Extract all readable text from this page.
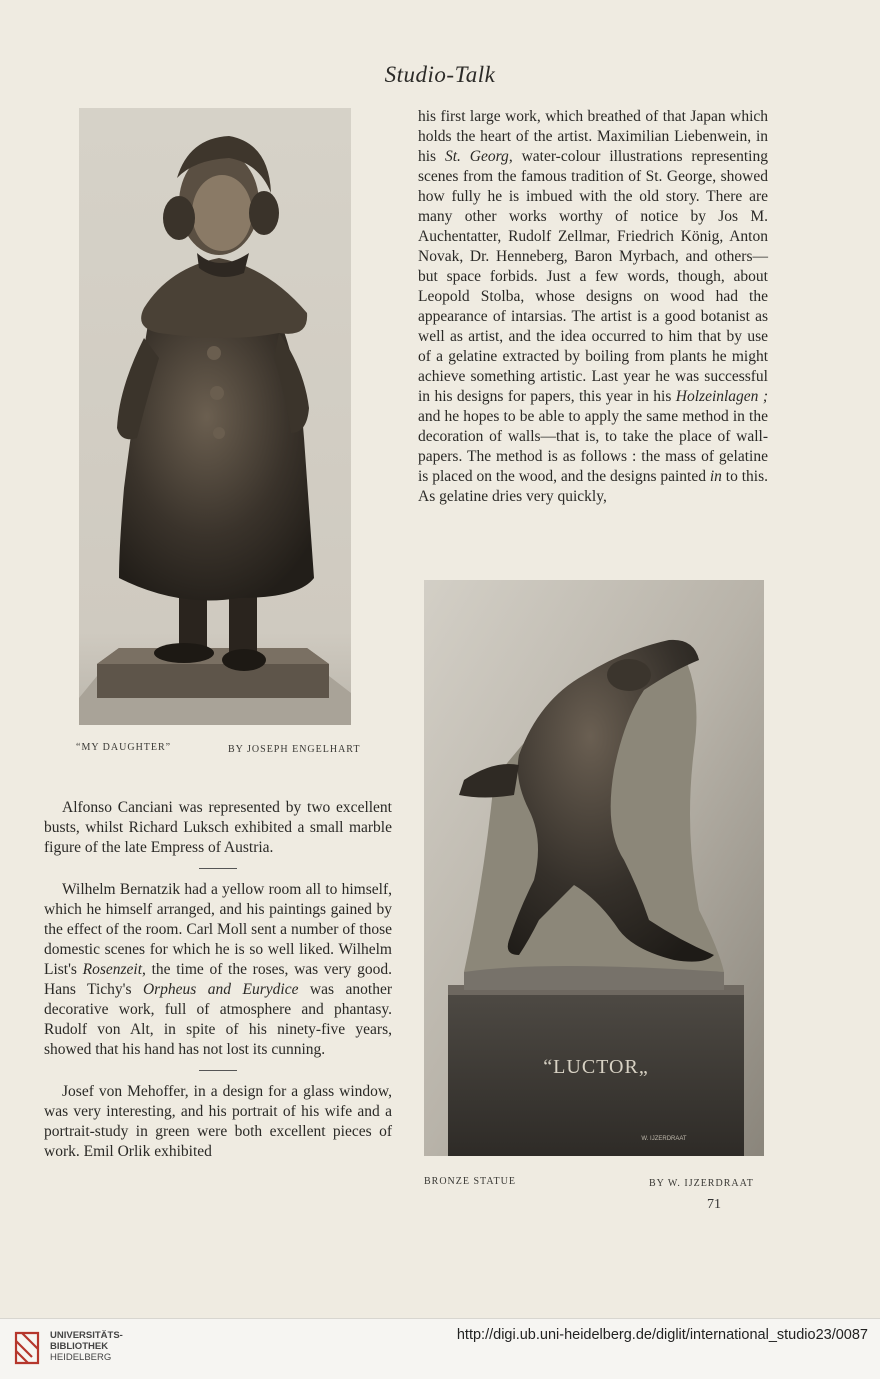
Studio-Talk
“MY DAUGHTER”	BY JOSEPH ENGELHART

Alfonso Canciani was represented by two excellent busts, whilst Richard Luksch exhibited a small marble figure of the late Empress of Austria.

Wilhelm Bernatzik had a yellow room all to himself, which he himself arranged, and his paintings gained by the effect of the room. Carl Moll sent a number of those domestic scenes for which he is so well liked. Wilhelm List's Rosenzeit, the time of the roses, was very good. Hans Tichy's Orpheus and Eurydice was another decorative work, full of atmosphere and phantasy. Rudolf von Alt, in spite of his ninety-five years, showed that his hand has not lost its cunning.

Josef von Mehoffer, in a design for a glass window, was very interesting, and his portrait of his wife and a portrait-study in green were both excellent pieces of work. Emil Orlik exhibited

his first large work, which breathed of that Japan which holds the heart of the artist. Maximilian Liebenwein, in his St. Georg, water-colour illustrations representing scenes from the famous tradition of St. George, showed how fully he is imbued with the old story. There are many other works worthy of notice by Jos M. Auchentatter, Rudolf Zellmar, Friedrich König, Anton Novak, Dr. Henneberg, Baron Myrbach, and others—but space forbids. Just a few words, though, about Leopold Stolba, whose designs on wood had the appearance of intarsias. The artist is a good botanist as well as artist, and the idea occurred to him that by use of a gelatine extracted by boiling from plants he might achieve something artistic. Last year he was successful in his designs for papers, this year in his Holzeinlagen ; and he hopes to be able to apply the same method in the decoration of walls—that is, to take the place of wall-papers. The method is as follows : the mass of gelatine is placed on the wood, and the designs painted in to this. As gelatine dries very quickly,

“LUCTOR„
W. IJZERDRAAT
BRONZE STATUE	BY W. IJZERDRAAT
71
UNIVERSITÄTS-
BIBLIOTHEK
HEIDELBERG
http://digi.ub.uni-heidelberg.de/diglit/international_studio23/0087
